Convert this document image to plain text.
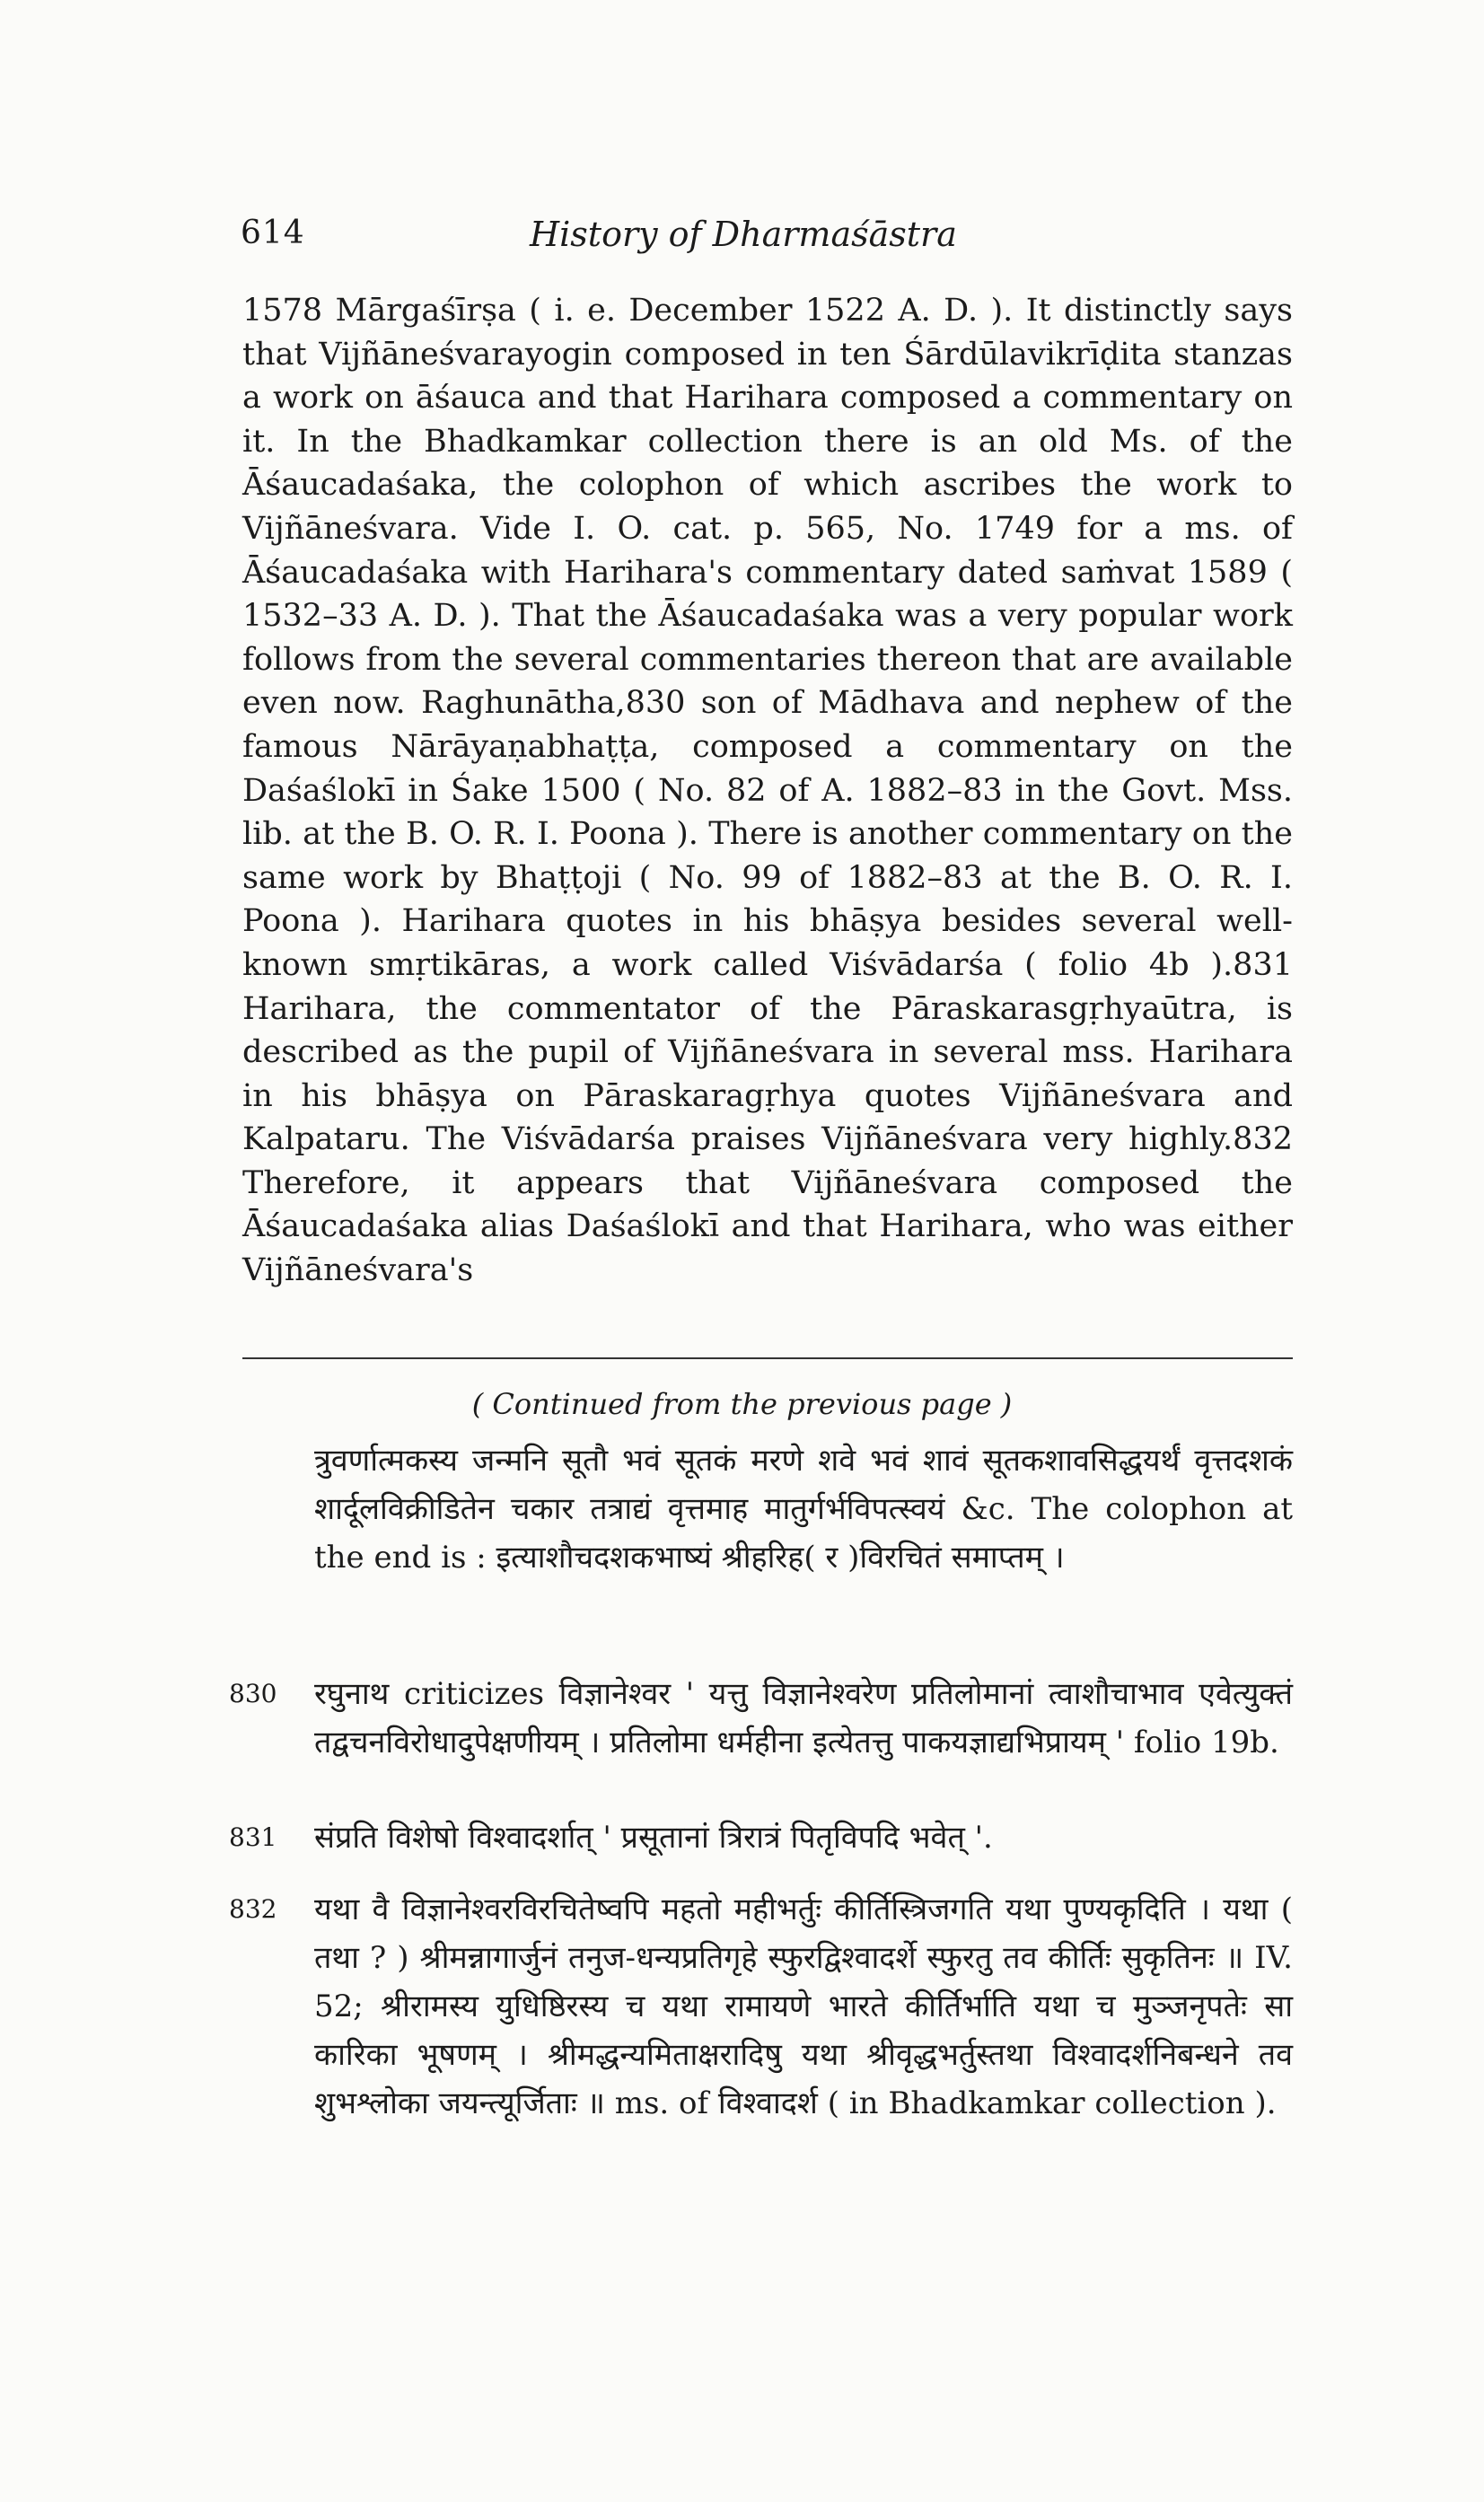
614	History of Dharmaśāstra

1578 Mārgaśīrṣa ( i. e. December 1522 A. D. ). It distinctly says that Vijñāneśvarayogin composed in ten Śārdūlavikrīḍita stanzas a work on āśauca and that Harihara composed a commentary on it. In the Bhadkamkar collection there is an old Ms. of the Āśaucadaśaka, the colophon of which ascribes the work to Vijñāneśvara. Vide I. O. cat. p. 565, No. 1749 for a ms. of Āśaucadaśaka with Harihara's commentary dated saṁvat 1589 ( 1532–33 A. D. ). That the Āśaucadaśaka was a very popular work follows from the several commentaries thereon that are available even now. Raghunātha,830 son of Mādhava and nephew of the famous Nārāyaṇabhaṭṭa, composed a commentary on the Daśaślokī in Śake 1500 ( No. 82 of A. 1882–83 in the Govt. Mss. lib. at the B. O. R. I. Poona ). There is another commentary on the same work by Bhaṭṭoji ( No. 99 of 1882–83 at the B. O. R. I. Poona ). Harihara quotes in his bhāṣya besides several well-known smṛtikāras, a work called Viśvādarśa ( folio 4b ).831 Harihara, the commentator of the Pāraskarasgṛhyaūtra, is described as the pupil of Vijñāneśvara in several mss. Harihara in his bhāṣya on Pāraskaragṛhya quotes Vijñāneśvara and Kalpataru. The Viśvādarśa praises Vijñāneśvara very highly.832 Therefore, it appears that Vijñāneśvara composed the Āśaucadaśaka alias Daśaślokī and that Harihara, who was either Vijñāneśvara's

( Continued from the previous page )

त्रुवर्णात्मकस्य जन्मनि सूतौ भवं सूतकं मरणे शवे भवं शावं सूतकशावसिद्धयर्थं वृत्तदशकं शार्दूलविक्रीडितेन चकार तत्राद्यं वृत्तमाह मातुर्गर्भविपत्स्वयं &c. The colophon at the end is : इत्याशौचदशकभाष्यं श्रीहरिह( र )विरचितं समाप्तम् ।

830 रघुनाथ criticizes विज्ञानेश्वर ' यत्तु विज्ञानेश्वरेण प्रतिलोमानां त्वाशौचाभाव एवेत्युक्तं तद्वचनविरोधादुपेक्षणीयम् । प्रतिलोमा धर्महीना इत्येतत्तु पाकयज्ञाद्यभिप्रायम् ' folio 19b.
831 संप्रति विशेषो विश्वादर्शात् ' प्रसूतानां त्रिरात्रं पितृविपदि भवेत् '.
832 यथा वै विज्ञानेश्वरविरचितेष्वपि महतो महीभर्तुः कीर्तिस्त्रिजगति यथा पुण्यकृदिति । यथा ( तथा ? ) श्रीमन्नागार्जुनं तनुज-धन्यप्रतिगृहे स्फुरद्विश्वादर्शे स्फुरतु तव कीर्तिः सुकृतिनः ॥ IV. 52; श्रीरामस्य युधिष्ठिरस्य च यथा रामायणे भारते कीर्तिर्भाति यथा च मुञ्जनृपतेः सा कारिका भूषणम् । श्रीमद्धन्यमिताक्षरादिषु यथा श्रीवृद्धभर्तुस्तथा विश्वादर्शनिबन्धने तव शुभश्लोका जयन्त्यूर्जिताः ॥ ms. of विश्वादर्श ( in Bhadkamkar collection ).
